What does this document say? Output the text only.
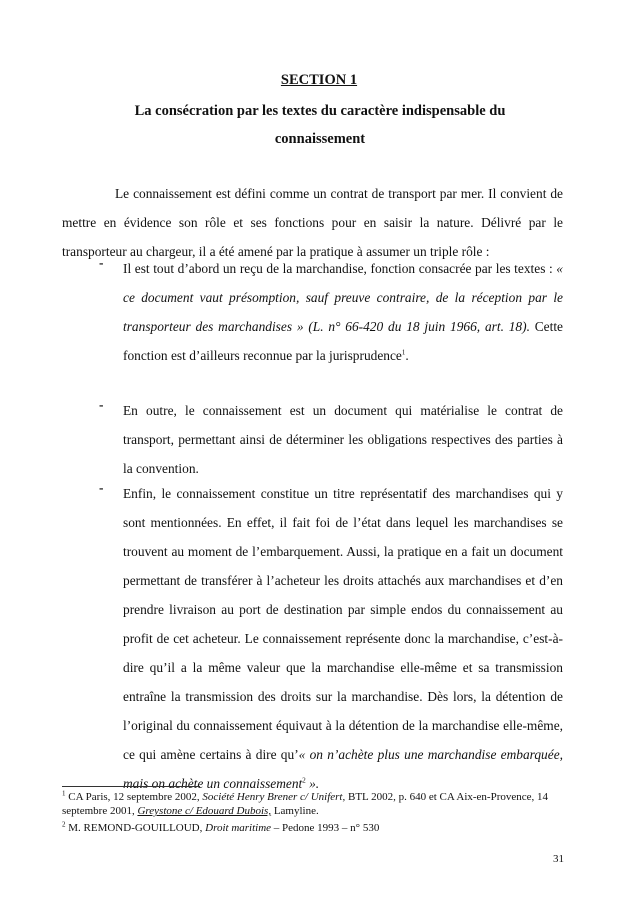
SECTION 1
La consécration par les textes du caractère indispensable du
connaissement
Le connaissement est défini comme un contrat de transport par mer. Il convient de mettre en évidence son rôle et ses fonctions pour en saisir la nature. Délivré par le transporteur au chargeur, il a été amené par la pratique à assumer un triple rôle :
- Il est tout d’abord un reçu de la marchandise, fonction consacrée par les textes : « ce document vaut présomption, sauf preuve contraire, de la réception par le transporteur des marchandises » (L. n° 66-420 du 18 juin 1966, art. 18). Cette fonction est d’ailleurs reconnue par la jurisprudence$^1$.
- En outre, le connaissement est un document qui matérialise le contrat de transport, permettant ainsi de déterminer les obligations respectives des parties à la convention.
- Enfin, le connaissement constitue un titre représentatif des marchandises qui y sont mentionnées. En effet, il fait foi de l’état dans lequel les marchandises se trouvent au moment de l’embarquement. Aussi, la pratique en a fait un document permettant de transférer à l’acheteur les droits attachés aux marchandises et d’en prendre livraison au port de destination par simple endos du connaissement au profit de cet acheteur. Le connaissement représente donc la marchandise, c’est-à-dire qu’il a la même valeur que la marchandise elle-même et sa transmission entraîne la transmission des droits sur la marchandise. Dès lors, la détention de l’original du connaissement équivaut à la détention de la marchandise elle-même, ce qui amène certains à dire qu’« on n’achète plus une marchandise embarquée, mais on achète un connaissement$^2$ ».
$^1$ CA Paris, 12 septembre 2002, Société Henry Brener c/ Unifert, BTL 2002, p. 640 et CA Aix-en-Provence, 14 septembre 2001, Greystone c/ Edouard Dubois, Lamyline.
$^2$ M. REMOND-GOUILLOUD, Droit maritime – Pedone 1993 – n° 530
31
